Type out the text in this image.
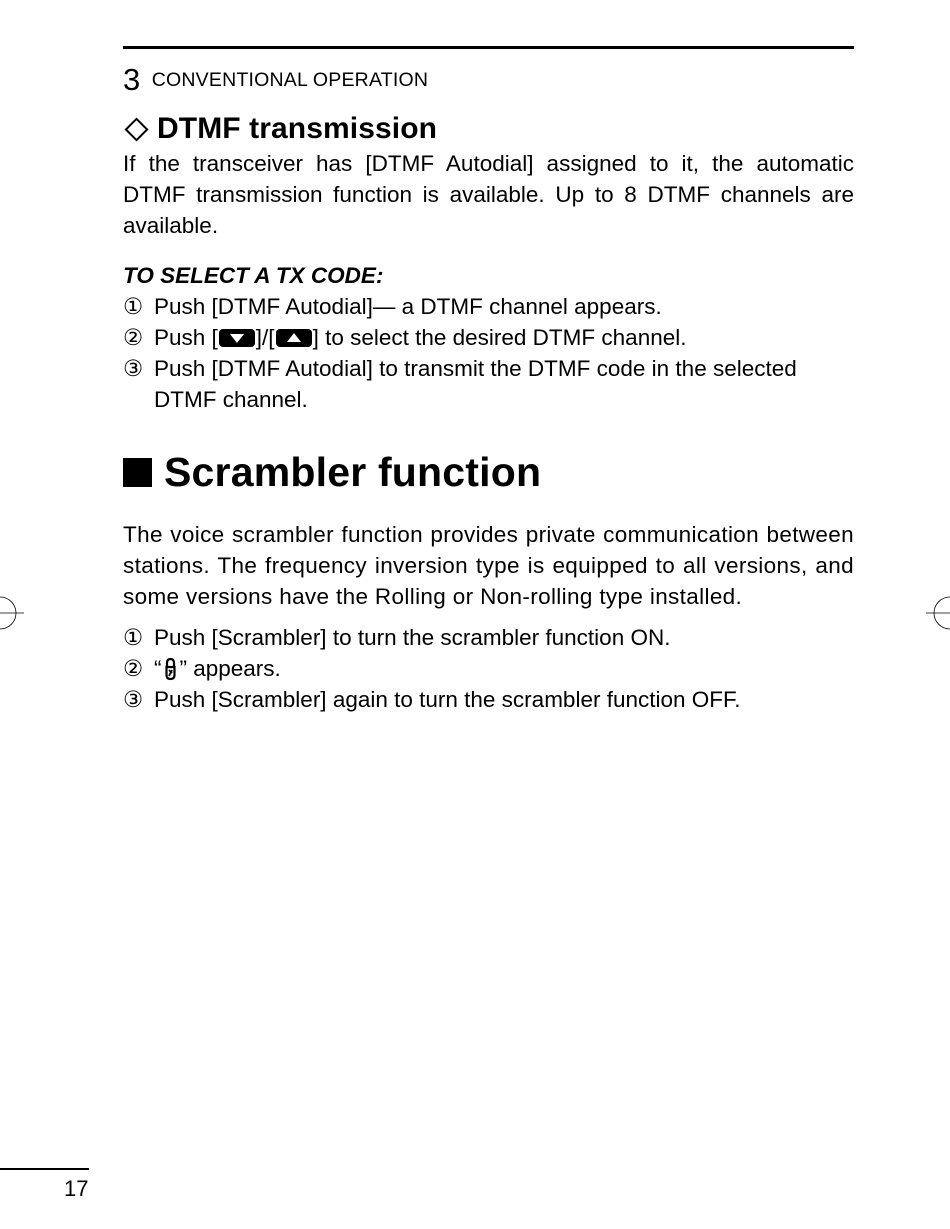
3 CONVENTIONAL OPERATION
DTMF transmission

If the transceiver has [DTMF Autodial] assigned to it, the automatic DTMF transmission function is available. Up to 8 DTMF channels are available.

TO SELECT A TX CODE:
① Push [DTMF Autodial]— a DTMF channel appears.
② Push [ ]/[ ] to select the desired DTMF channel.
③ Push [DTMF Autodial] to transmit the DTMF code in the selected DTMF channel.
Scrambler function

The voice scrambler function provides private communication between stations. The frequency inversion type is equipped to all versions, and some versions have the Rolling or Non-rolling type installed.

① Push [Scrambler] to turn the scrambler function ON.
② “ ” appears.
③ Push [Scrambler] again to turn the scrambler function OFF.
17
